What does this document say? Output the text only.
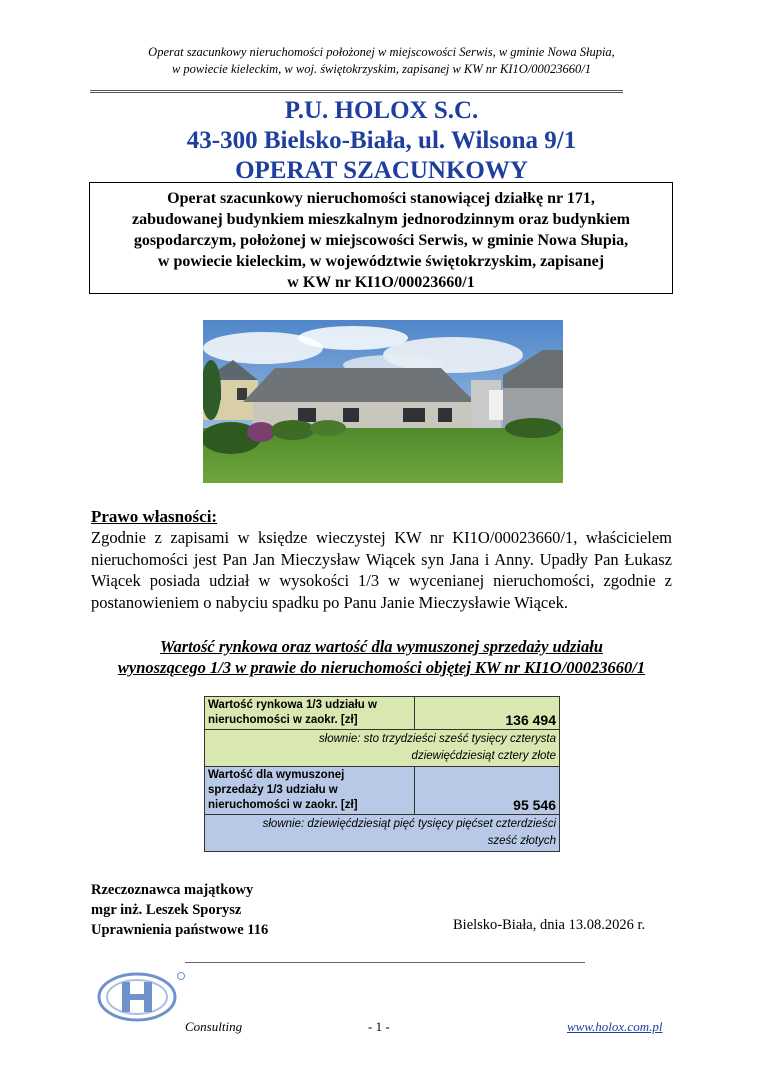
Operat szacunkowy nieruchomości położonej w miejscowości Serwis, w gminie Nowa Słupia,
w powiecie kieleckim, w woj. świętokrzyskim, zapisanej w KW nr KI1O/00023660/1
P.U. HOLOX S.C.
43-300 Bielsko-Biała, ul. Wilsona 9/1
OPERAT SZACUNKOWY
Operat szacunkowy nieruchomości stanowiącej działkę nr 171,
zabudowanej budynkiem mieszkalnym jednorodzinnym oraz budynkiem
gospodarczym, położonej w miejscowości Serwis, w gminie Nowa Słupia,
w powiecie kieleckim, w województwie świętokrzyskim, zapisanej
w KW nr KI1O/00023660/1
Prawo własności:
Zgodnie z zapisami w księdze wieczystej KW nr KI1O/00023660/1, właścicielem nieruchomości jest Pan Jan Mieczysław Wiącek syn Jana i Anny. Upadły Pan Łukasz Wiącek posiada udział w wysokości 1/3 w wycenianej nieruchomości, zgodnie z postanowieniem o nabyciu spadku po Panu Janie Mieczysławie Wiącek.
Wartość rynkowa oraz wartość dla wymuszonej sprzedaży udziału
wynoszącego 1/3 w prawie do nieruchomości objętej KW nr KI1O/00023660/1
Wartość rynkowa 1/3 udziału w
nieruchomości w zaokr. [zł]	136 494

słownie: sto trzydzieści sześć tysięcy czterysta
dziewięćdziesiąt cztery złote	

Wartość dla wymuszonej
sprzedaży 1/3 udziału w
nieruchomości w zaokr. [zł]	95 546

słownie: dziewięćdziesiąt pięć tysięcy pięćset czterdzieści
sześć złotych	
Rzeczoznawca majątkowy
mgr inż. Leszek Sporysz
Uprawnienia państwowe 116	Bielsko-Biała, dnia 13.08.2026 r.
Consulting	- 1 -	www.holox.com.pl
